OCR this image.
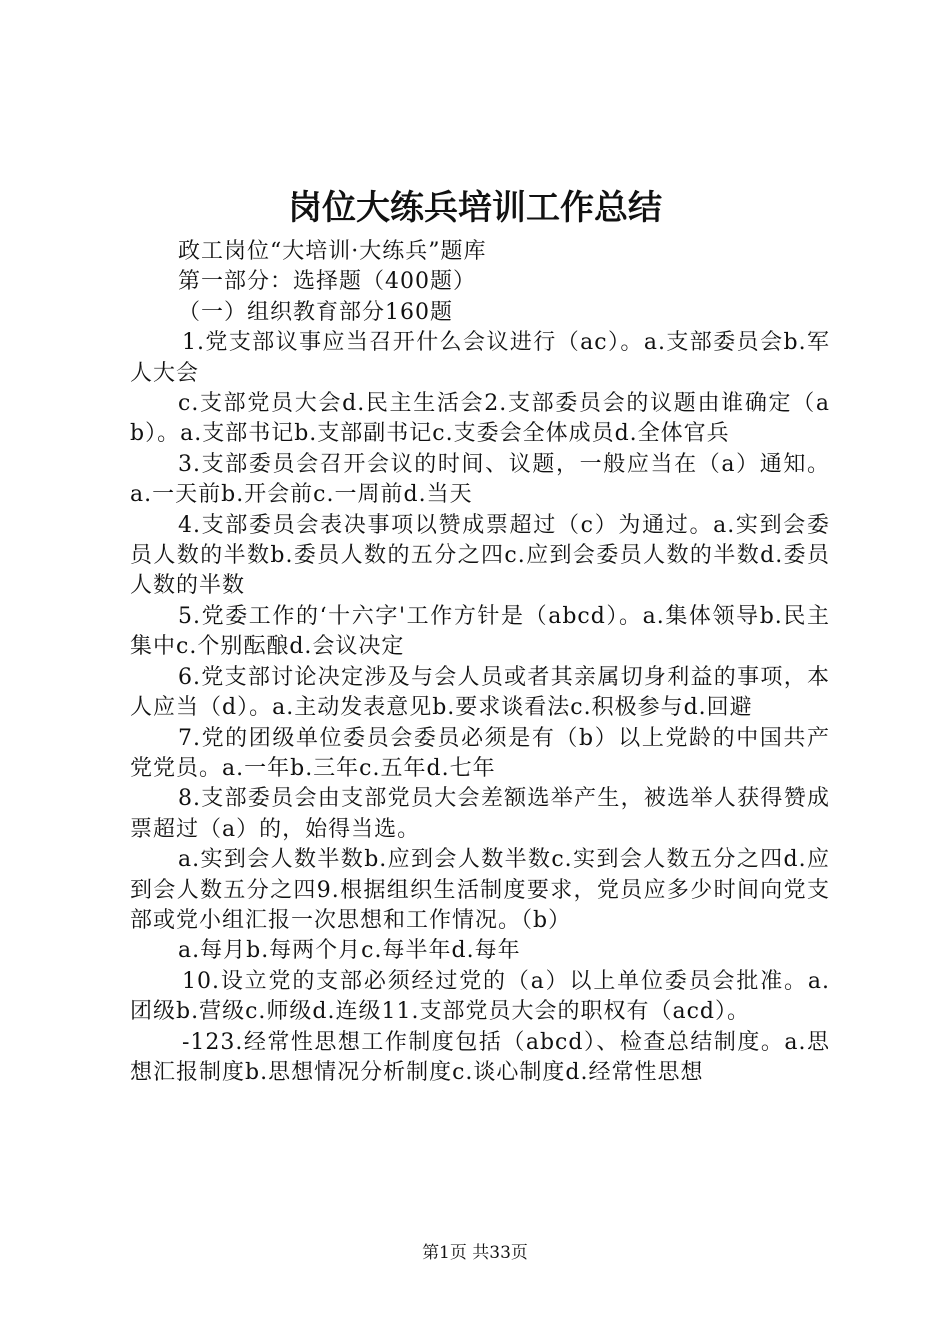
岗位大练兵培训工作总结

政工岗位“大培训·大练兵”题库

第一部分：选择题（400题）

（一）组织教育部分160题

1.党支部议事应当召开什么会议进行（ac）。a.支部委员会b.军人大会

c.支部党员大会d.民主生活会2.支部委员会的议题由谁确定（ab）。a.支部书记b.支部副书记c.支委会全体成员d.全体官兵

3.支部委员会召开会议的时间、议题，一般应当在（a）通知。a.一天前b.开会前c.一周前d.当天

4.支部委员会表决事项以赞成票超过（c）为通过。a.实到会委员人数的半数b.委员人数的五分之四c.应到会委员人数的半数d.委员人数的半数

5.党委工作的‘十六字'工作方针是（abcd）。a.集体领导b.民主集中c.个别酝酿d.会议决定

6.党支部讨论决定涉及与会人员或者其亲属切身利益的事项，本人应当（d）。a.主动发表意见b.要求谈看法c.积极参与d.回避

7.党的团级单位委员会委员必须是有（b）以上党龄的中国共产党党员。a.一年b.三年c.五年d.七年

8.支部委员会由支部党员大会差额选举产生，被选举人获得赞成票超过（a）的，始得当选。

a.实到会人数半数b.应到会人数半数c.实到会人数五分之四d.应到会人数五分之四9.根据组织生活制度要求，党员应多少时间向党支部或党小组汇报一次思想和工作情况。（b）

a.每月b.每两个月c.每半年d.每年

10.设立党的支部必须经过党的（a）以上单位委员会批准。a.团级b.营级c.师级d.连级11.支部党员大会的职权有（acd）。

-123.经常性思想工作制度包括（abcd）、检查总结制度。a.思想汇报制度b.思想情况分析制度c.谈心制度d.经常性思想

第1页 共33页
